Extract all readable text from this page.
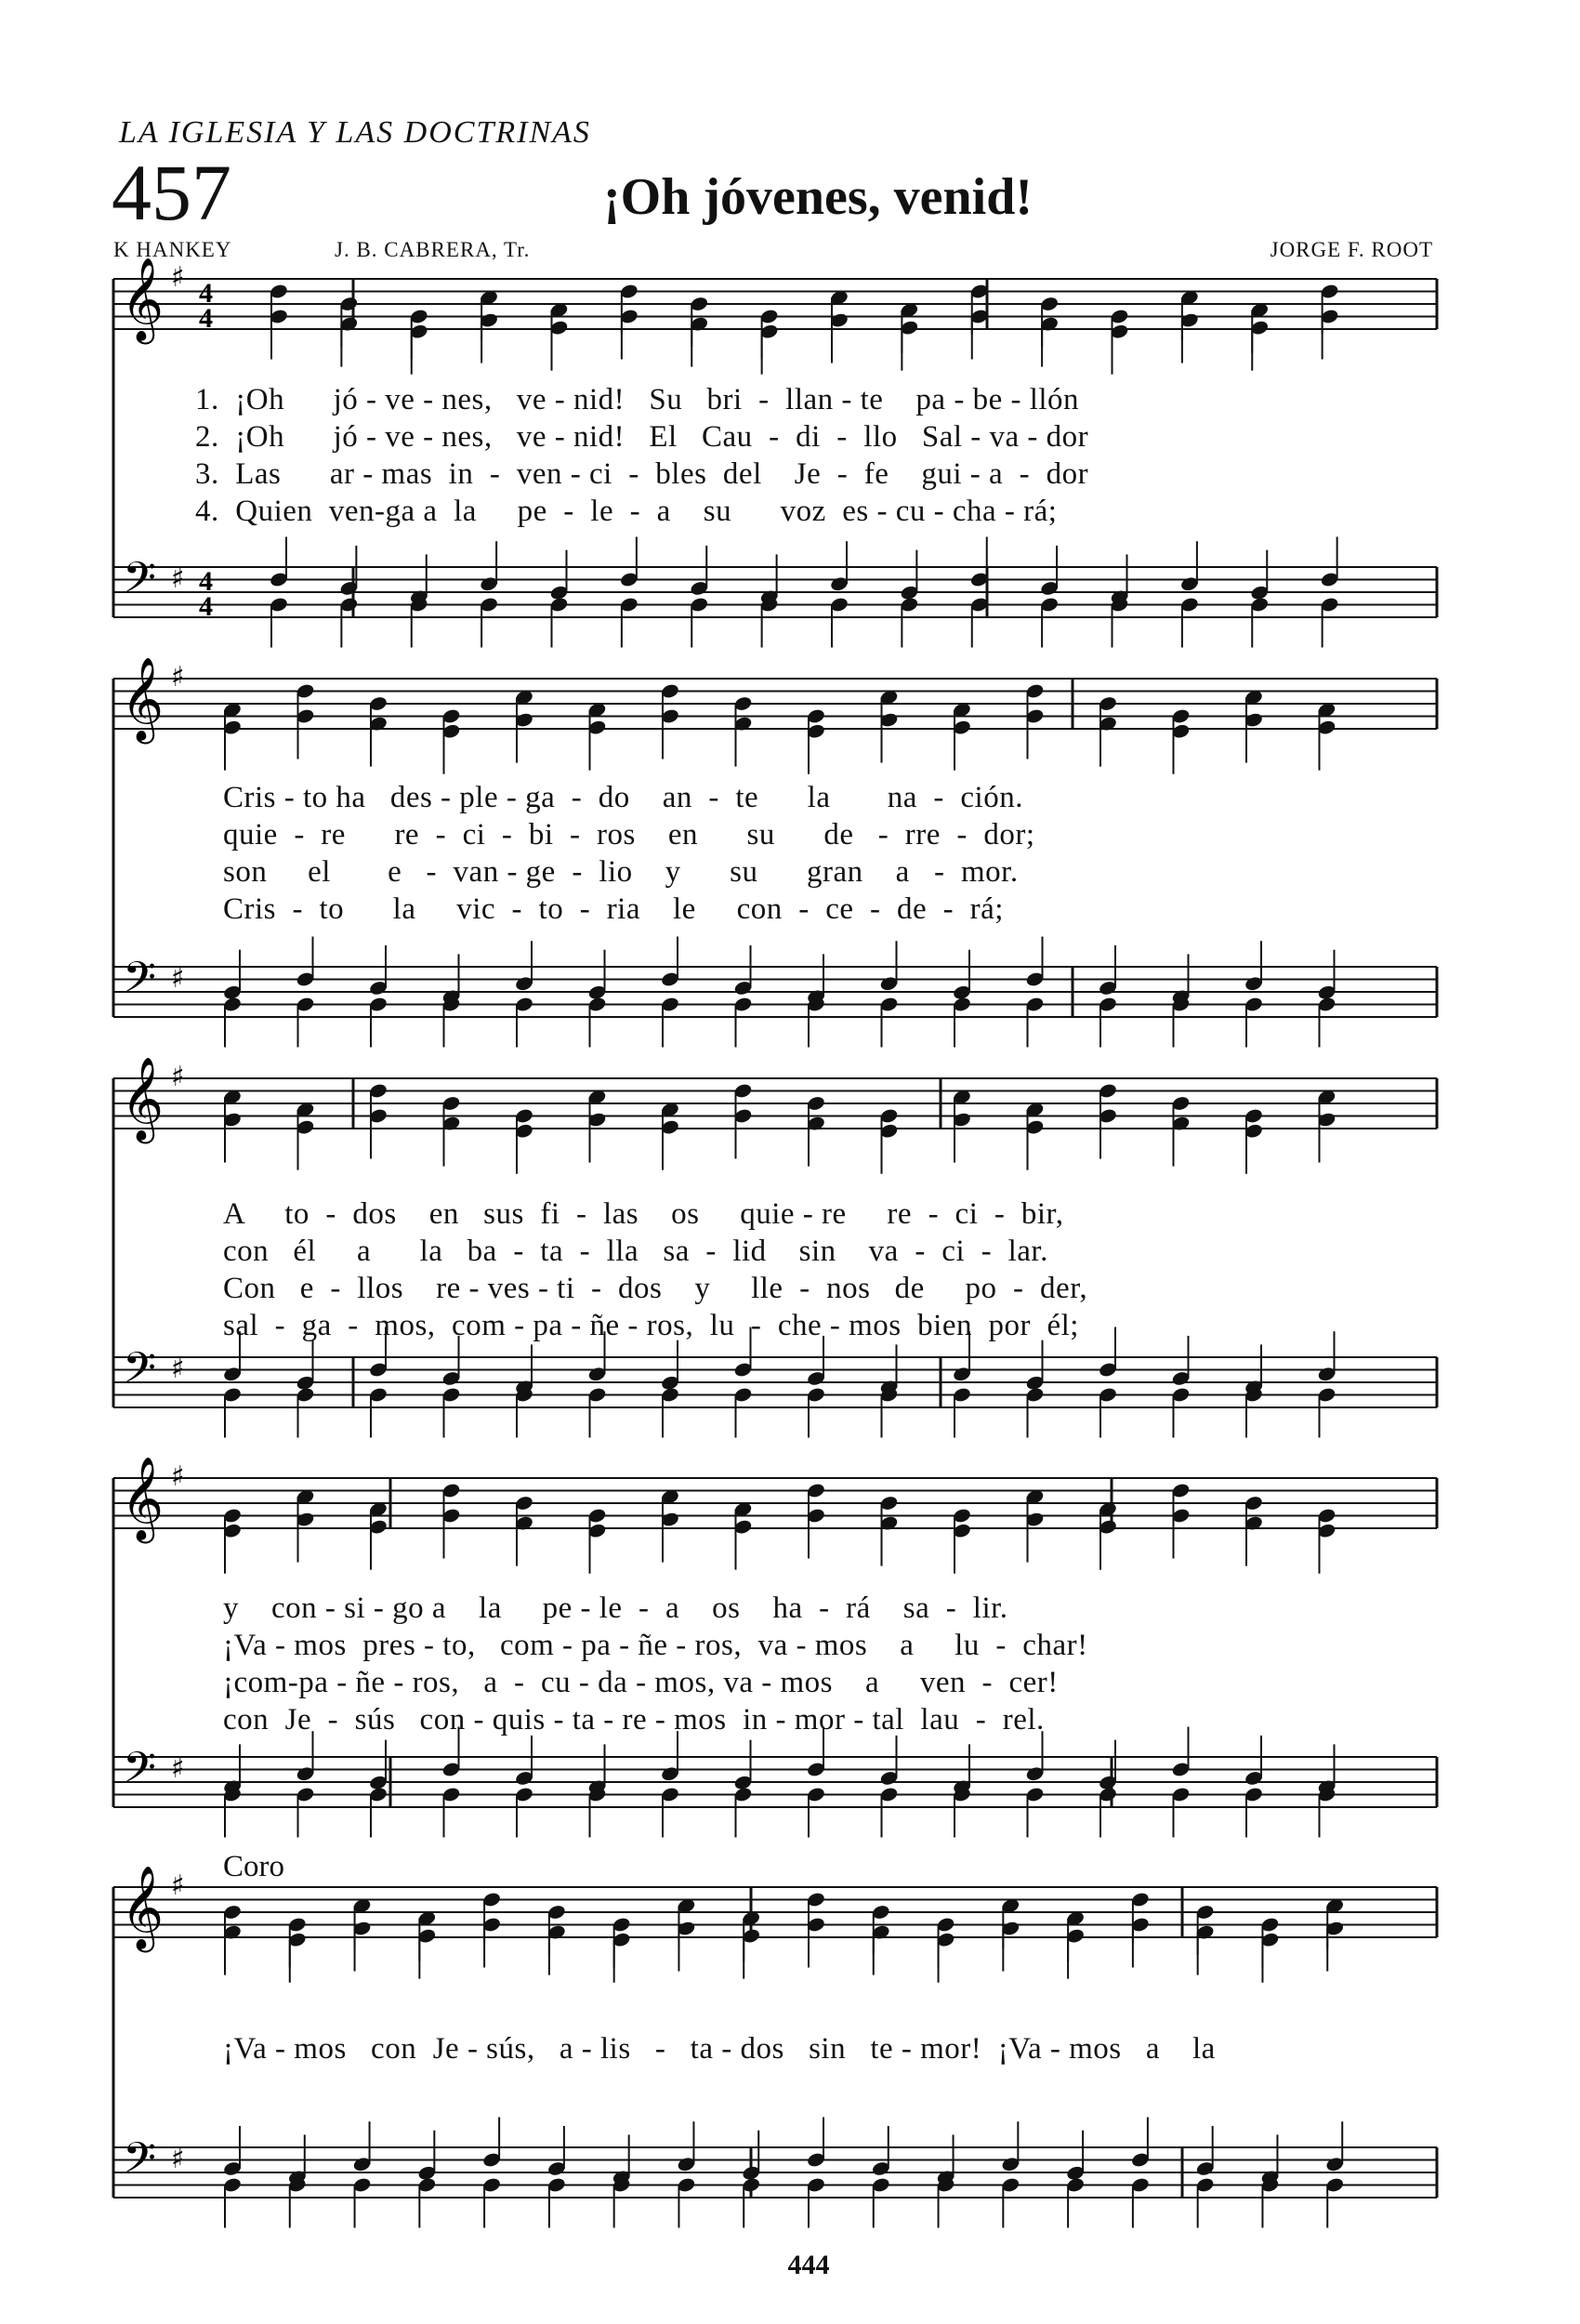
LA IGLESIA Y LAS DOCTRINAS
457	¡Oh jóvenes, venid!
K HANKEY	J. B. CABRERA, Tr.	JORGE F. ROOT
𝄞
𝄢
♯
♯
4
4
4
4
𝄞
𝄢
♯
♯
𝄞
𝄢
♯
♯
𝄞
𝄢
♯
♯
𝄞
𝄢
♯
♯
1.  ¡Oh      jó - ve - nes,   ve - nid!   Su   bri  -  llan - te    pa - be - llón
2.  ¡Oh      jó - ve - nes,   ve - nid!   El   Cau  -  di  -  llo   Sal - va - dor
3.  Las      ar - mas  in  -  ven - ci  -  bles  del    Je  -  fe    gui - a  -  dor
4.  Quien  ven-ga a  la     pe  -  le  -  a    su      voz  es - cu - cha - rá;
Cris - to ha   des - ple - ga  -  do    an  -  te      la       na  -  ción.
quie  -  re      re  -  ci  -  bi  -  ros    en      su      de   -  rre  -  dor;
son     el       e   -  van - ge  -  lio    y      su      gran    a   -  mor.
Cris  -  to      la     vic  -  to  -  ria    le     con  -  ce  -  de  -  rá;
A     to  -  dos    en   sus  fi  -  las    os     quie - re     re  -  ci  -  bir,
con   él     a      la   ba  -  ta  -  lla   sa  -  lid    sin    va  -  ci  -  lar.
Con   e  -  llos    re - ves - ti  -  dos    y     lle  -  nos   de     po  -  der,
sal  -  ga  -  mos,  com - pa - ñe - ros,  lu  -  che - mos  bien  por  él;
y    con - si - go a    la     pe - le  -  a    os    ha  -  rá    sa  -  lir.
¡Va - mos  pres - to,   com - pa - ñe - ros,  va - mos    a     lu  -  char!
¡com-pa - ñe - ros,   a  -  cu - da - mos, va - mos    a     ven  -  cer!
con  Je  -  sús   con - quis - ta - re - mos  in - mor - tal  lau  -  rel.
Coro
¡Va - mos   con  Je - sús,   a - lis   -   ta - dos   sin   te - mor!  ¡Va - mos   a    la
444
